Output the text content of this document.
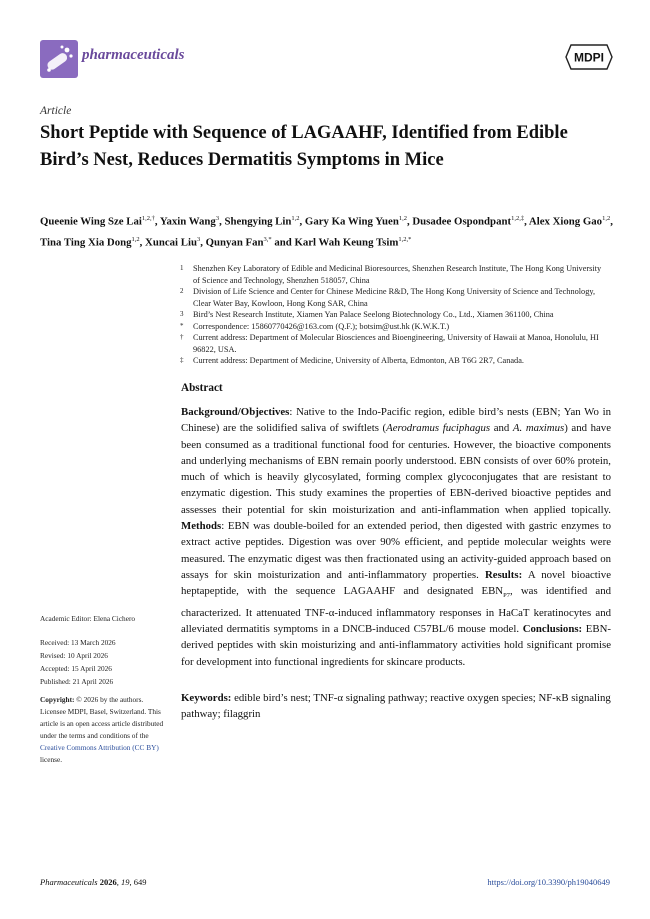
pharmaceuticals	MDPI
Article
Short Peptide with Sequence of LAGAAHF, Identified from Edible Bird’s Nest, Reduces Dermatitis Symptoms in Mice
Queenie Wing Sze Lai$^{1,2,\dagger}$, Yaxin Wang$^3$, Shengying Lin$^{1,2}$, Gary Ka Wing Yuen$^{1,2}$, Dusadee Ospondpant$^{1,2,\ddagger}$, Alex Xiong Gao$^{1,2}$, Tina Ting Xia Dong$^{1,2}$, Xuncai Liu$^3$, Qunyan Fan$^{3,*}$ and Karl Wah Keung Tsim$^{1,2,*}$
1	Shenzhen Key Laboratory of Edible and Medicinal Bioresources, Shenzhen Research Institute, The Hong Kong University of Science and Technology, Shenzhen 518057, China
2	Division of Life Science and Center for Chinese Medicine R&D, The Hong Kong University of Science and Technology, Clear Water Bay, Kowloon, Hong Kong SAR, China
3	Bird’s Nest Research Institute, Xiamen Yan Palace Seelong Biotechnology Co., Ltd., Xiamen 361100, China
*	Correspondence: 15860770426@163.com (Q.F.); botsim@ust.hk (K.W.K.T.)
†	Current address: Department of Molecular Biosciences and Bioengineering, University of Hawaii at Manoa, Honolulu, HI 96822, USA.
‡	Current address: Department of Medicine, University of Alberta, Edmonton, AB T6G 2R7, Canada.
Abstract
Background/Objectives: Native to the Indo-Pacific region, edible bird’s nests (EBN; Yan Wo in Chinese) are the solidified saliva of swiftlets (Aerodramus fuciphagus and A. maximus) and have been consumed as a traditional functional food for centuries. However, the bioactive components and underlying mechanisms of EBN remain poorly understood. EBN consists of over 60% protein, much of which is heavily glycosylated, forming complex glycoconjugates that are resistant to enzymatic digestion. This study examines the properties of EBN-derived bioactive peptides and assesses their potential for skin moisturization and anti-inflammation when applied topically. Methods: EBN was double-boiled for an extended period, then digested with gastric enzymes to extract active peptides. Digestion was over 90% efficient, and peptide molecular weights were measured. The enzymatic digest was then fractionated using an activity-guided approach based on assays for skin moisturization and anti-inflammatory properties. Results: A novel bioactive heptapeptide, with the sequence LAGAAHF and designated $EBN_{P7}$, was identified and characterized. It attenuated TNF-α-induced inflammatory responses in HaCaT keratinocytes and alleviated dermatitis symptoms in a DNCB-induced C57BL/6 mouse model. Conclusions: EBN-derived peptides with skin moisturizing and anti-inflammatory activities hold significant promise for development into functional ingredients for skincare products.
Keywords: edible bird’s nest; TNF-α signaling pathway; reactive oxygen species; NF-κB signaling pathway; filaggrin
Academic Editor: Elena Cichero
Received: 13 March 2026
Revised: 10 April 2026
Accepted: 15 April 2026
Published: 21 April 2026
Copyright: © 2026 by the authors. Licensee MDPI, Basel, Switzerland. This article is an open access article distributed under the terms and conditions of the Creative Commons Attribution (CC BY) license.
Pharmaceuticals 2026, 19, 649	https://doi.org/10.3390/ph19040649
